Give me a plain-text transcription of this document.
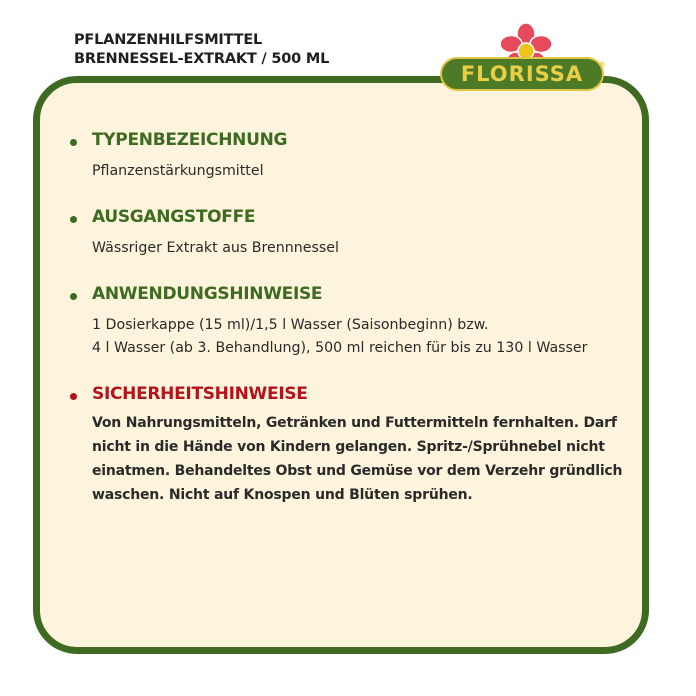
PFLANZENHILFSMITTEL
BRENNESSEL-EXTRAKT / 500 ML
FLORISSA	®
TYPENBEZEICHNUNG
Pflanzenstärkungsmittel
AUSGANGSTOFFE
Wässriger Extrakt aus Brennnessel
ANWENDUNGSHINWEISE
1 Dosierkappe (15 ml)/1,5 l Wasser (Saisonbeginn) bzw.
4 l Wasser (ab 3. Behandlung), 500 ml reichen für bis zu 130 l Wasser
SICHERHEITSHINWEISE
Von Nahrungsmitteln, Getränken und Futtermitteln fernhalten. Darf
nicht in die Hände von Kindern gelangen. Spritz-/Sprühnebel nicht
einatmen. Behandeltes Obst und Gemüse vor dem Verzehr gründlich
waschen. Nicht auf Knospen und Blüten sprühen.
